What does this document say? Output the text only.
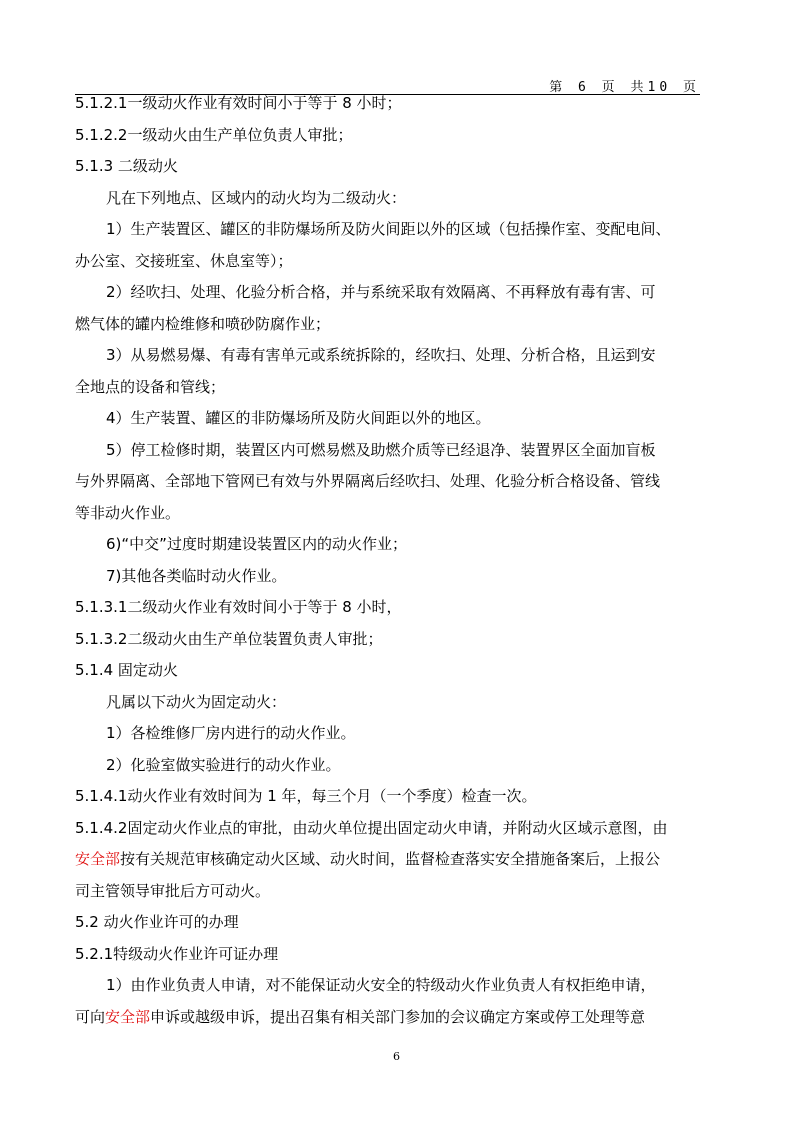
第 6 页 共10 页
5.1.2.1一级动火作业有效时间小于等于 8 小时；
5.1.2.2一级动火由生产单位负责人审批；
5.1.3 二级动火
凡在下列地点、区域内的动火均为二级动火：
1）生产装置区、罐区的非防爆场所及防火间距以外的区域（包括操作室、变配电间、
办公室、交接班室、休息室等）；
2）经吹扫、处理、化验分析合格，并与系统采取有效隔离、不再释放有毒有害、可
燃气体的罐内检维修和喷砂防腐作业；
3）从易燃易爆、有毒有害单元或系统拆除的，经吹扫、处理、分析合格，且运到安
全地点的设备和管线；
4）生产装置、罐区的非防爆场所及防火间距以外的地区。
5）停工检修时期，装置区内可燃易燃及助燃介质等已经退净、装置界区全面加盲板
与外界隔离、全部地下管网已有效与外界隔离后经吹扫、处理、化验分析合格设备、管线
等非动火作业。
6)“中交”过度时期建设装置区内的动火作业；
7)其他各类临时动火作业。
5.1.3.1二级动火作业有效时间小于等于 8 小时，
5.1.3.2二级动火由生产单位装置负责人审批；
5.1.4 固定动火
凡属以下动火为固定动火：
1）各检维修厂房内进行的动火作业。
2）化验室做实验进行的动火作业。
5.1.4.1动火作业有效时间为 1 年，每三个月（一个季度）检查一次。
5.1.4.2固定动火作业点的审批，由动火单位提出固定动火申请，并附动火区域示意图，由
安全部按有关规范审核确定动火区域、动火时间，监督检查落实安全措施备案后，上报公
司主管领导审批后方可动火。
5.2 动火作业许可的办理
5.2.1特级动火作业许可证办理
1）由作业负责人申请，对不能保证动火安全的特级动火作业负责人有权拒绝申请，
可向安全部申诉或越级申诉，提出召集有相关部门参加的会议确定方案或停工处理等意
6
